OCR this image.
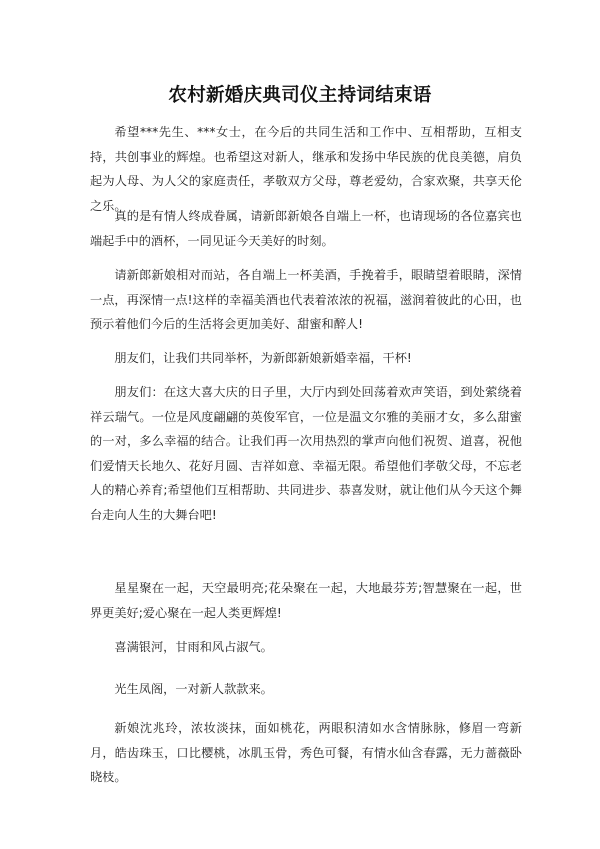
农村新婚庆典司仪主持词结束语

希望***先生、***女士，在今后的共同生活和工作中、互相帮助，互相支持，共创事业的辉煌。也希望这对新人，继承和发扬中华民族的优良美德，肩负起为人母、为人父的家庭责任，孝敬双方父母，尊老爱幼，合家欢聚，共享天伦之乐。

真的是有情人终成眷属，请新郎新娘各自端上一杯，也请现场的各位嘉宾也端起手中的酒杯，一同见证今天美好的时刻。

请新郎新娘相对而站，各自端上一杯美酒，手挽着手，眼睛望着眼睛，深情一点，再深情一点!这样的幸福美酒也代表着浓浓的祝福，滋润着彼此的心田，也预示着他们今后的生活将会更加美好、甜蜜和醉人!

朋友们，让我们共同举杯，为新郎新娘新婚幸福，干杯!

朋友们：在这大喜大庆的日子里，大厅内到处回荡着欢声笑语，到处萦绕着祥云瑞气。一位是风度翩翩的英俊军官，一位是温文尔雅的美丽才女，多么甜蜜的一对，多么幸福的结合。让我们再一次用热烈的掌声向他们祝贺、道喜，祝他们爱情天长地久、花好月圆、吉祥如意、幸福无限。希望他们孝敬父母，不忘老人的精心养育;希望他们互相帮助、共同进步、恭喜发财，就让他们从今天这个舞台走向人生的大舞台吧!

星星聚在一起，天空最明亮;花朵聚在一起，大地最芬芳;智慧聚在一起，世界更美好;爱心聚在一起人类更辉煌!

喜满银河，甘雨和风占淑气。

光生凤阁，一对新人款款来。

新娘沈兆玲，浓妆淡抹，面如桃花，两眼积清如水含情脉脉，修眉一弯新月，皓齿珠玉，口比樱桃，冰肌玉骨，秀色可餐，有情水仙含春露，无力蔷薇卧晓枝。
